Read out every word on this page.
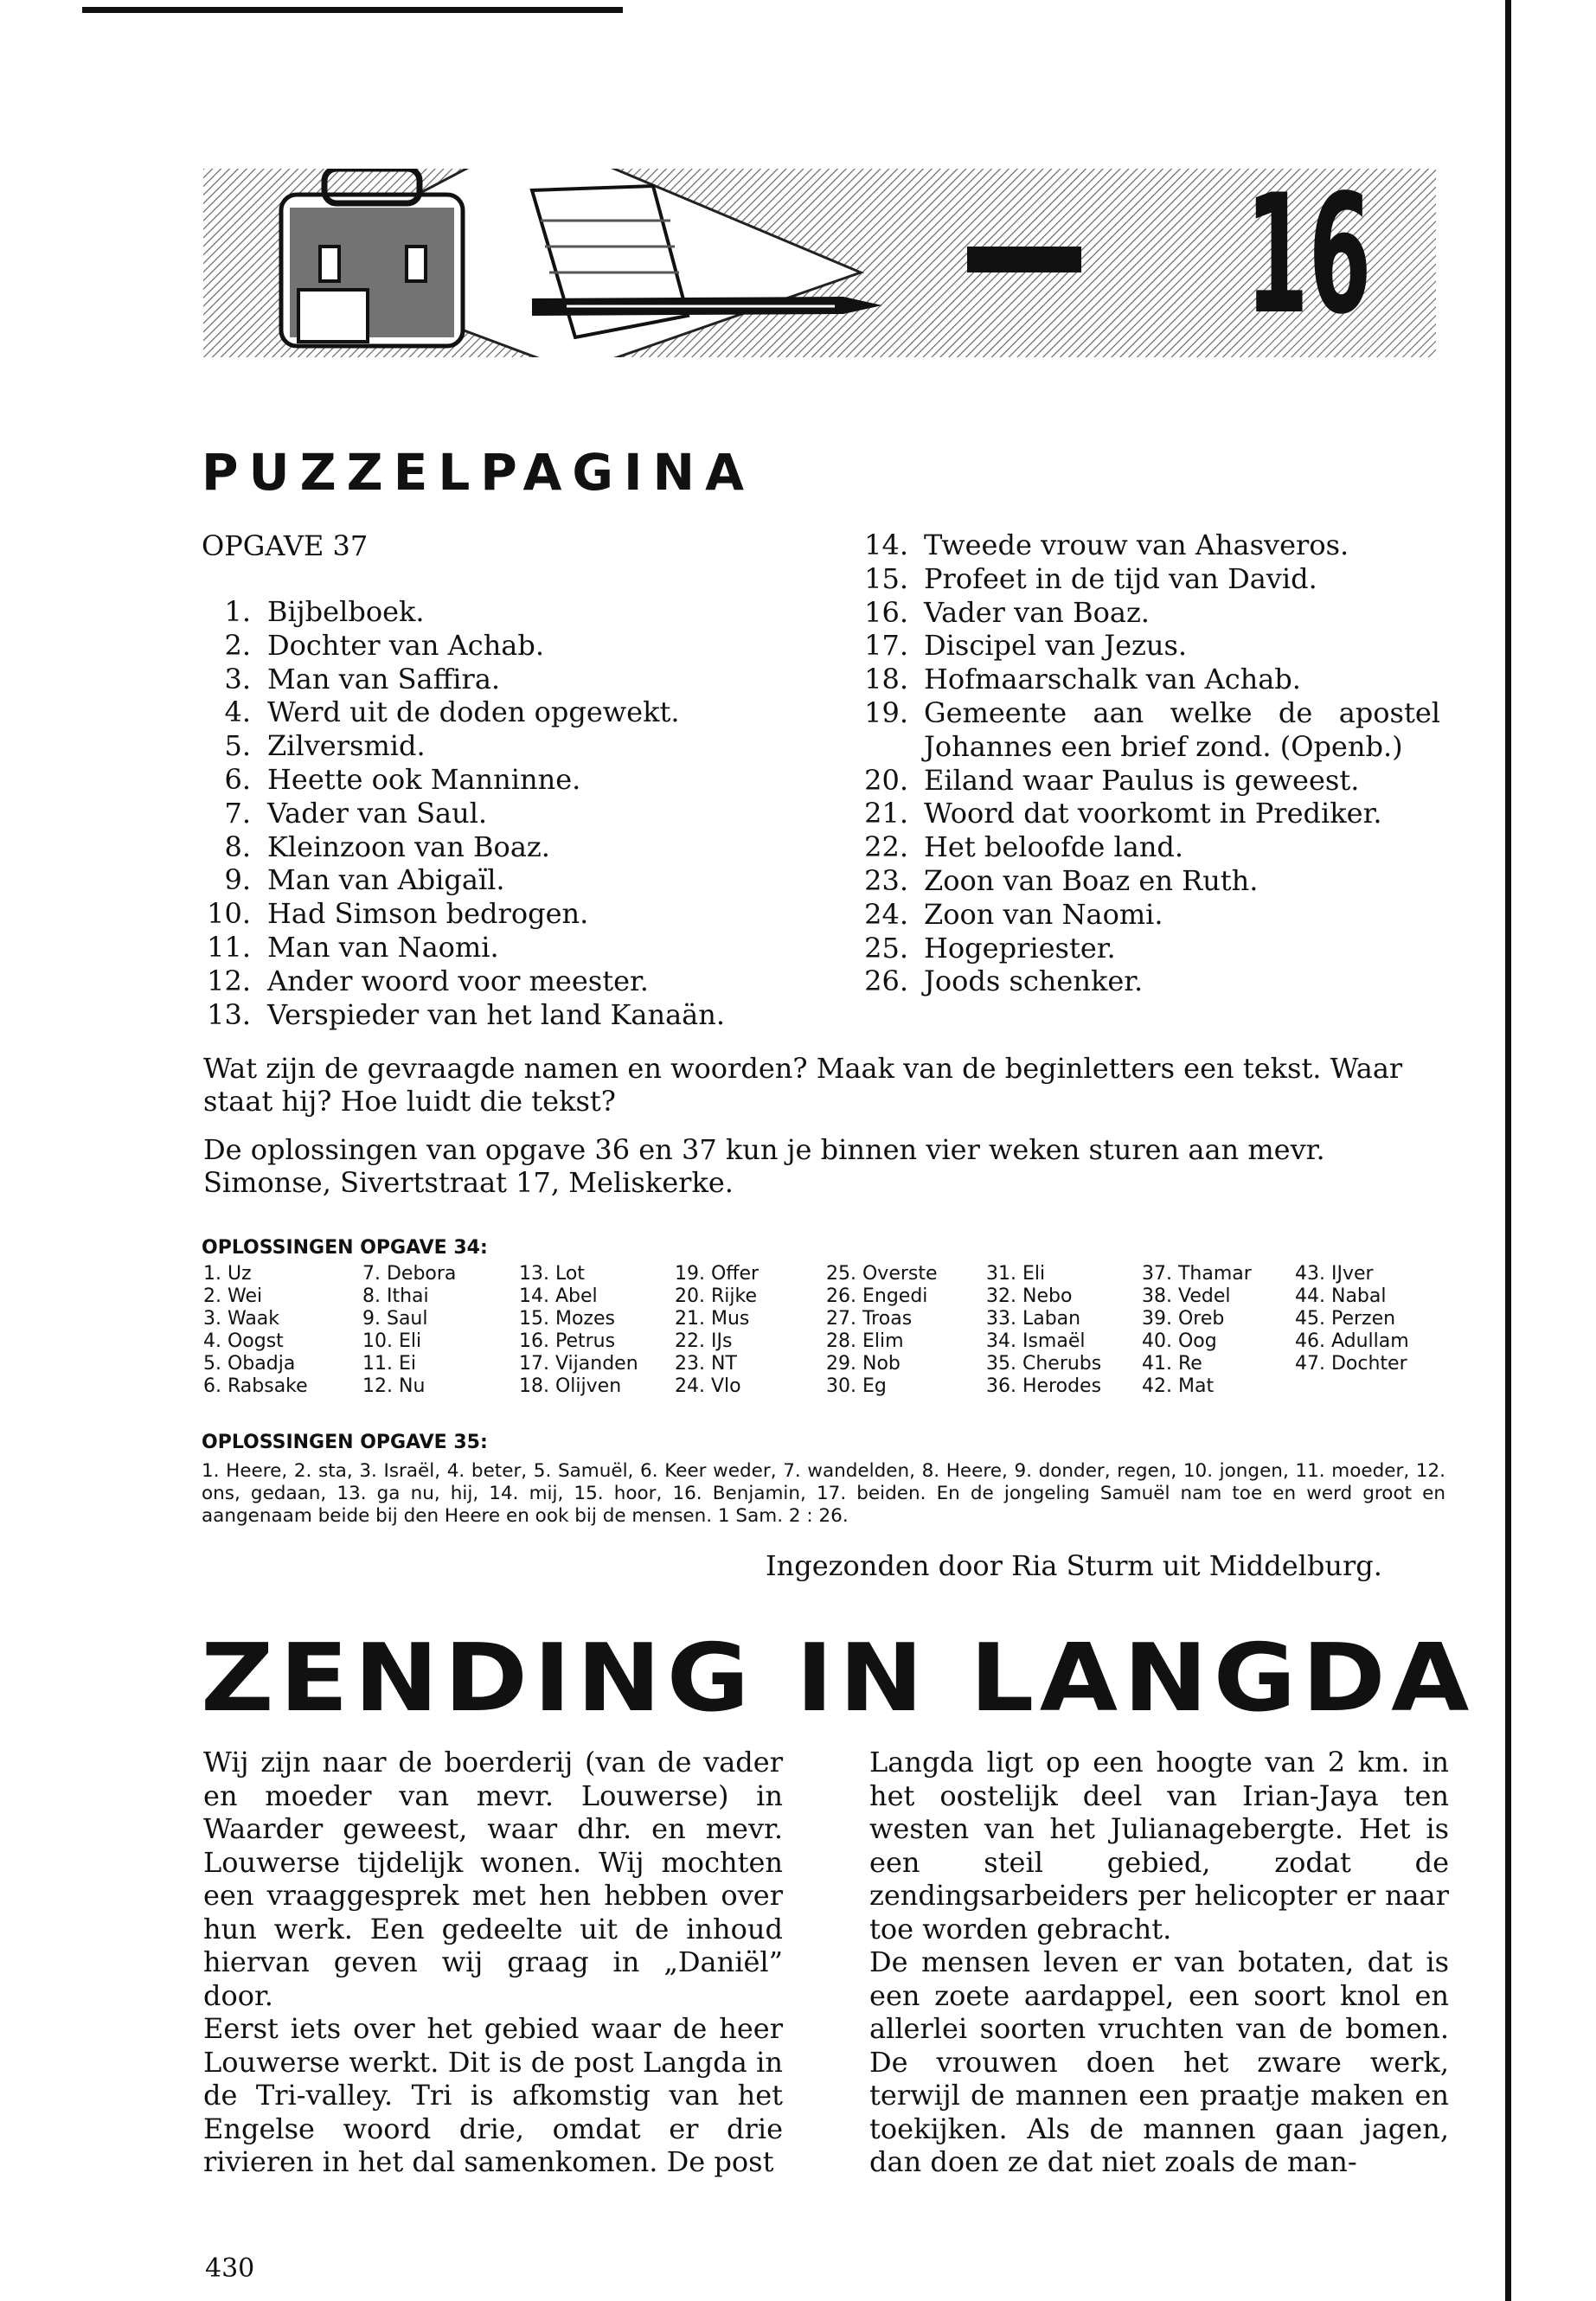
16
PUZZELPAGINA
OPGAVE 37
1. Bijbelboek.
2. Dochter van Achab.
3. Man van Saffira.
4. Werd uit de doden opgewekt.
5. Zilversmid.
6. Heette ook Manninne.
7. Vader van Saul.
8. Kleinzoon van Boaz.
9. Man van Abigaïl.
10. Had Simson bedrogen.
11. Man van Naomi.
12. Ander woord voor meester.
13. Verspieder van het land Kanaän.
14. Tweede vrouw van Ahasveros.
15. Profeet in de tijd van David.
16. Vader van Boaz.
17. Discipel van Jezus.
18. Hofmaarschalk van Achab.
19. Gemeente aan welke de apostel Johannes een brief zond. (Openb.)
20. Eiland waar Paulus is geweest.
21. Woord dat voorkomt in Prediker.
22. Het beloofde land.
23. Zoon van Boaz en Ruth.
24. Zoon van Naomi.
25. Hogepriester.
26. Joods schenker.

Wat zijn de gevraagde namen en woorden? Maak van de beginletters een tekst. Waar staat hij? Hoe luidt die tekst?

De oplossingen van opgave 36 en 37 kun je binnen vier weken sturen aan mevr. Simonse, Sivertstraat 17, Meliskerke.

OPLOSSINGEN OPGAVE 34:
1. Uz
2. Wei
3. Waak
4. Oogst
5. Obadja
6. Rabsake
7. Debora
8. Ithai
9. Saul
10. Eli
11. Ei
12. Nu
13. Lot
14. Abel
15. Mozes
16. Petrus
17. Vijanden
18. Olijven
19. Offer
20. Rijke
21. Mus
22. IJs
23. NT
24. Vlo
25. Overste
26. Engedi
27. Troas
28. Elim
29. Nob
30. Eg
31. Eli
32. Nebo
33. Laban
34. Ismaël
35. Cherubs
36. Herodes
37. Thamar
38. Vedel
39. Oreb
40. Oog
41. Re
42. Mat
43. IJver
44. Nabal
45. Perzen
46. Adullam
47. Dochter
OPLOSSINGEN OPGAVE 35:

1. Heere, 2. sta, 3. Israël, 4. beter, 5. Samuël, 6. Keer weder, 7. wandelden, 8. Heere, 9. donder, regen, 10. jongen, 11. moeder, 12. ons, gedaan, 13. ga nu, hij, 14. mij, 15. hoor, 16. Benjamin, 17. beiden. En de jongeling Samuël nam toe en werd groot en aangenaam beide bij den Heere en ook bij de mensen. 1 Sam. 2 : 26.

Ingezonden door Ria Sturm uit Middelburg.
ZENDING IN LANGDA

Wij zijn naar de boerderij (van de vader en moeder van mevr. Louwerse) in Waarder geweest, waar dhr. en mevr. Louwerse tijdelijk wonen. Wij mochten een vraaggesprek met hen hebben over hun werk. Een gedeelte uit de inhoud hiervan geven wij graag in „Daniël” door.

Eerst iets over het gebied waar de heer Louwerse werkt. Dit is de post Langda in de Tri-valley. Tri is afkomstig van het Engelse woord drie, omdat er drie rivieren in het dal samenkomen. De post

Langda ligt op een hoogte van 2 km. in het oostelijk deel van Irian-Jaya ten westen van het Julianagebergte. Het is een steil gebied, zodat de zendingsarbeiders per helicopter er naar toe worden gebracht.

De mensen leven er van botaten, dat is een zoete aardappel, een soort knol en allerlei soorten vruchten van de bomen. De vrouwen doen het zware werk, terwijl de mannen een praatje maken en toekijken. Als de mannen gaan jagen, dan doen ze dat niet zoals de man-

430
